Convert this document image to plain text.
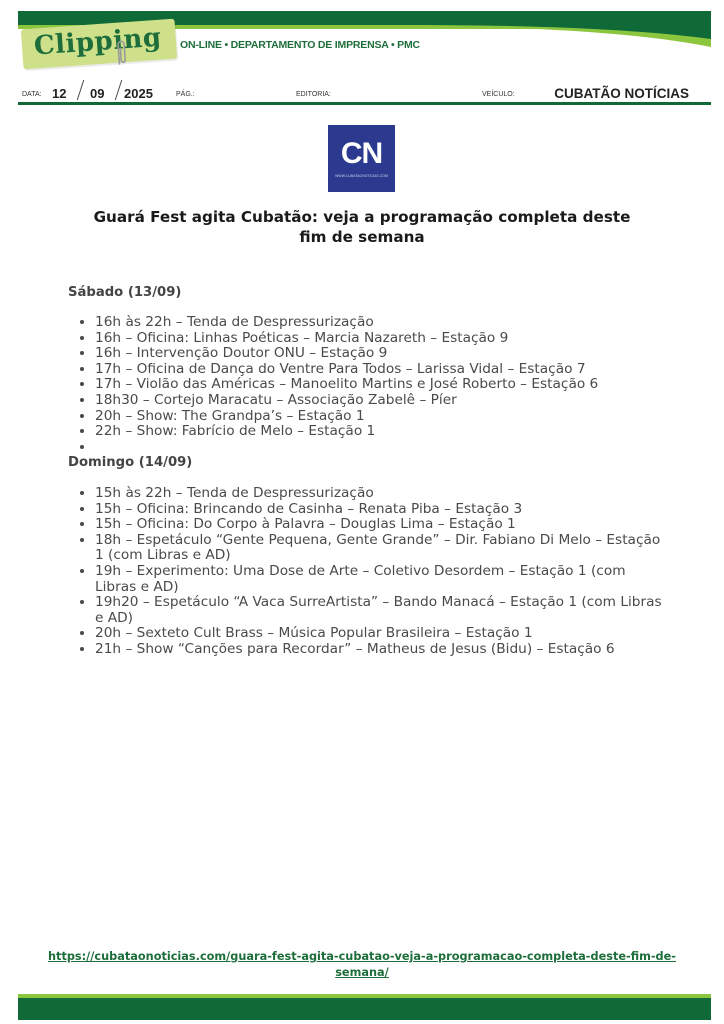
Clipping ON-LINE • DEPARTAMENTO DE IMPRENSA • PMC
DATA: 12 09 2025	PÁG.:	EDITORIA:	VEÍCULO:	CUBATÃO NOTÍCIAS
CN
WWW.CUBATAONOTICIAS.COM
Guará Fest agita Cubatão: veja a programação completa deste fim de semana
Sábado (13/09)
• 16h às 22h – Tenda de Despressurização
• 16h – Oficina: Linhas Poéticas – Marcia Nazareth – Estação 9
• 16h – Intervenção Doutor ONU – Estação 9
• 17h – Oficina de Dança do Ventre Para Todos – Larissa Vidal – Estação 7
• 17h – Violão das Américas – Manoelito Martins e José Roberto – Estação 6
• 18h30 – Cortejo Maracatu – Associação Zabelê – Píer
• 20h – Show: The Grandpa’s – Estação 1
• 22h – Show: Fabrício de Melo – Estação 1
•
Domingo (14/09)
• 15h às 22h – Tenda de Despressurização
• 15h – Oficina: Brincando de Casinha – Renata Piba – Estação 3
• 15h – Oficina: Do Corpo à Palavra – Douglas Lima – Estação 1
• 18h – Espetáculo “Gente Pequena, Gente Grande” – Dir. Fabiano Di Melo – Estação 1 (com Libras e AD)
• 19h – Experimento: Uma Dose de Arte – Coletivo Desordem – Estação 1 (com Libras e AD)
• 19h20 – Espetáculo “A Vaca SurreArtista” – Bando Manacá – Estação 1 (com Libras e AD)
• 20h – Sexteto Cult Brass – Música Popular Brasileira – Estação 1
• 21h – Show “Canções para Recordar” – Matheus de Jesus (Bidu) – Estação 6
https://cubataonoticias.com/guara-fest-agita-cubatao-veja-a-programacao-completa-deste-fim-de-semana/
